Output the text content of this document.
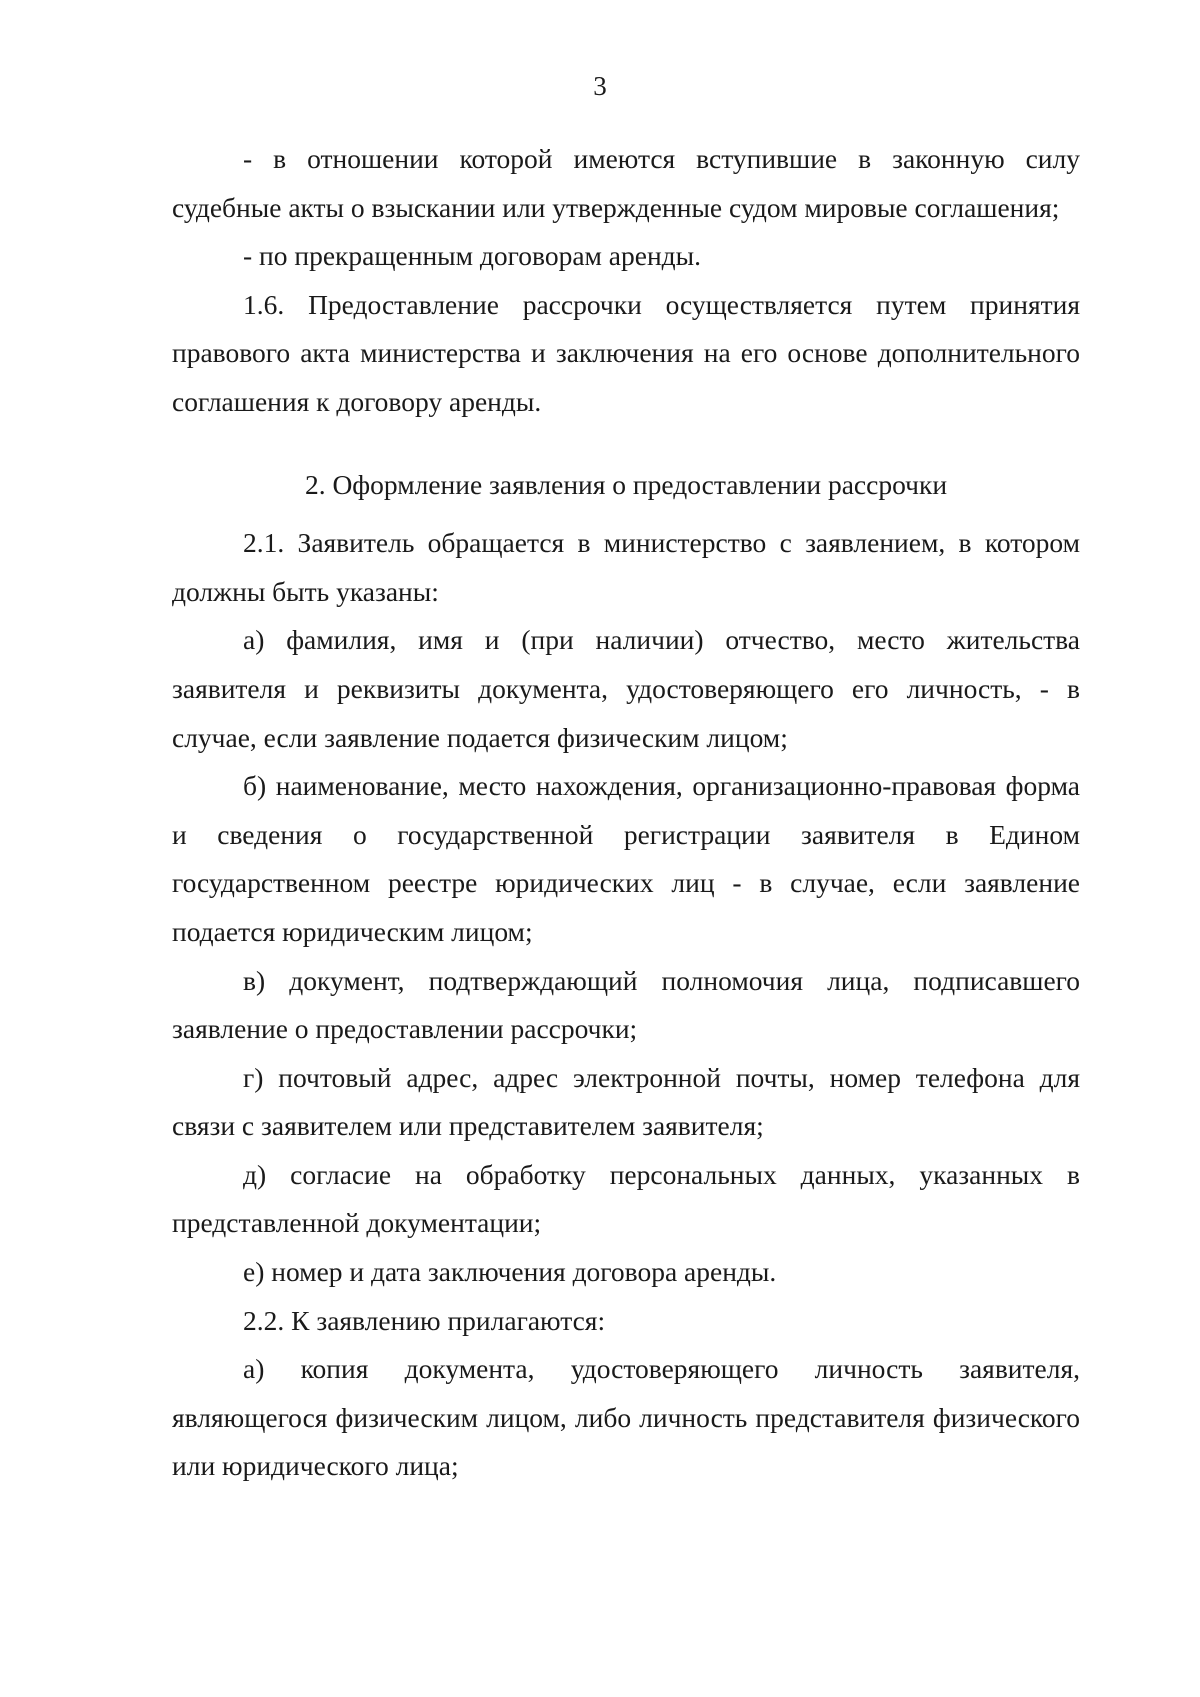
3

- в отношении которой имеются вступившие в законную силу судебные акты о взыскании или утвержденные судом мировые соглашения;

- по прекращенным договорам аренды.

1.6. Предоставление рассрочки осуществляется путем принятия правового акта министерства и заключения на его основе дополнительного соглашения к договору аренды.

2. Оформление заявления о предоставлении рассрочки

2.1. Заявитель обращается в министерство с заявлением, в котором должны быть указаны:

а) фамилия, имя и (при наличии) отчество, место жительства заявителя и реквизиты документа, удостоверяющего его личность, - в случае, если заявление подается физическим лицом;

б) наименование, место нахождения, организационно-правовая форма и сведения о государственной регистрации заявителя в Едином государственном реестре юридических лиц - в случае, если заявление подается юридическим лицом;

в) документ, подтверждающий полномочия лица, подписавшего заявление о предоставлении рассрочки;

г) почтовый адрес, адрес электронной почты, номер телефона для связи с заявителем или представителем заявителя;

д) согласие на обработку персональных данных, указанных в представленной документации;

е) номер и дата заключения договора аренды.

2.2. К заявлению прилагаются:

а) копия документа, удостоверяющего личность заявителя, являющегося физическим лицом, либо личность представителя физического или юридического лица;
